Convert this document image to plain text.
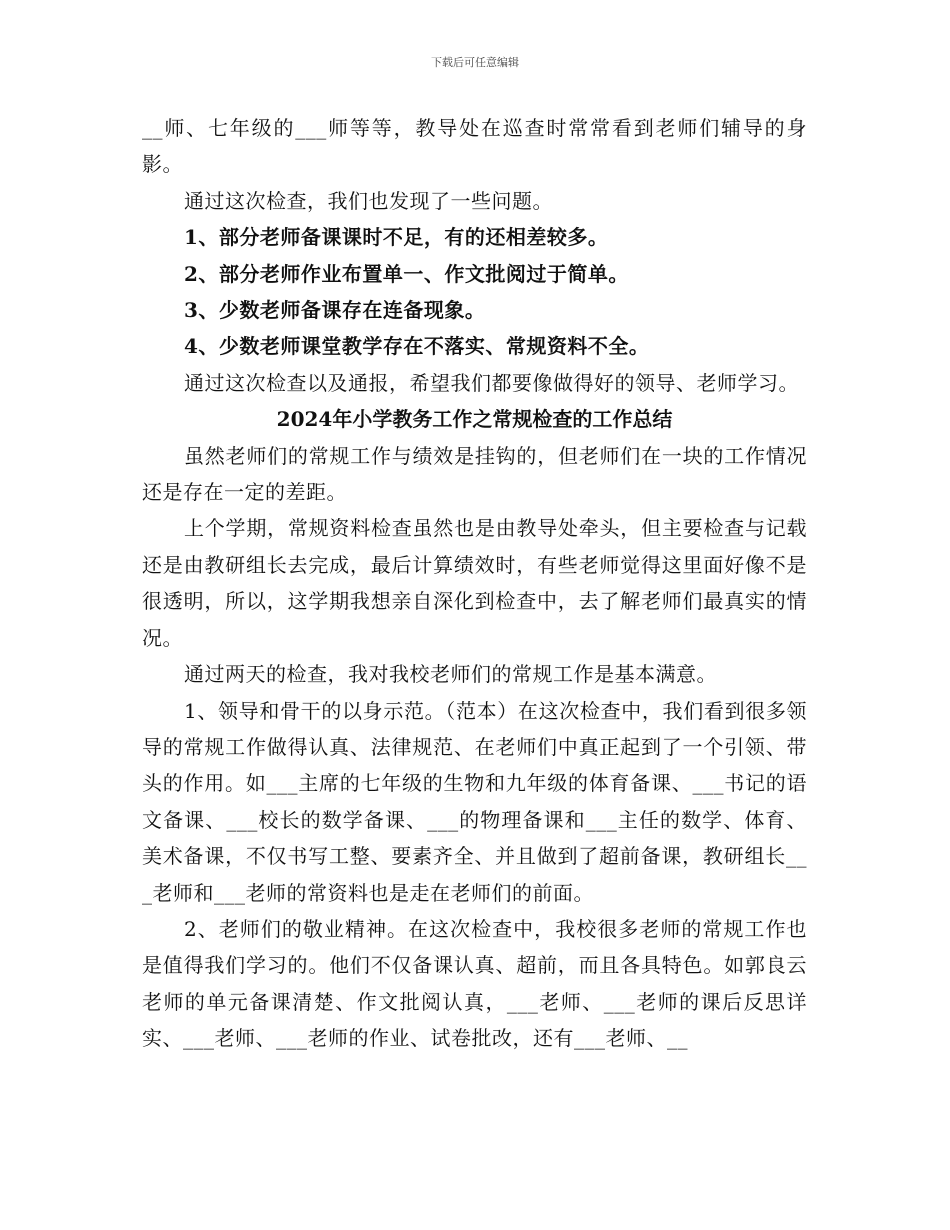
下载后可任意编辑

__师、七年级的___师等等，教导处在巡查时常常看到老师们辅导的身影。

通过这次检查，我们也发现了一些问题。

1、部分老师备课课时不足，有的还相差较多。

2、部分老师作业布置单一、作文批阅过于简单。

3、少数老师备课存在连备现象。

4、少数老师课堂教学存在不落实、常规资料不全。

通过这次检查以及通报，希望我们都要像做得好的领导、老师学习。

2024年小学教务工作之常规检查的工作总结

虽然老师们的常规工作与绩效是挂钩的，但老师们在一块的工作情况还是存在一定的差距。

上个学期，常规资料检查虽然也是由教导处牵头，但主要检查与记载还是由教研组长去完成，最后计算绩效时，有些老师觉得这里面好像不是很透明，所以，这学期我想亲自深化到检查中，去了解老师们最真实的情况。

通过两天的检查，我对我校老师们的常规工作是基本满意。

1、领导和骨干的以身示范。（范本）在这次检查中，我们看到很多领导的常规工作做得认真、法律规范、在老师们中真正起到了一个引领、带头的作用。如___主席的七年级的生物和九年级的体育备课、___书记的语文备课、___校长的数学备课、___的物理备课和___主任的数学、体育、美术备课，不仅书写工整、要素齐全、并且做到了超前备课，教研组长___老师和___老师的常资料也是走在老师们的前面。

2、老师们的敬业精神。在这次检查中，我校很多老师的常规工作也是值得我们学习的。他们不仅备课认真、超前，而且各具特色。如郭良云老师的单元备课清楚、作文批阅认真，___老师、___老师的课后反思详实、___老师、___老师的作业、试卷批改，还有___老师、__
